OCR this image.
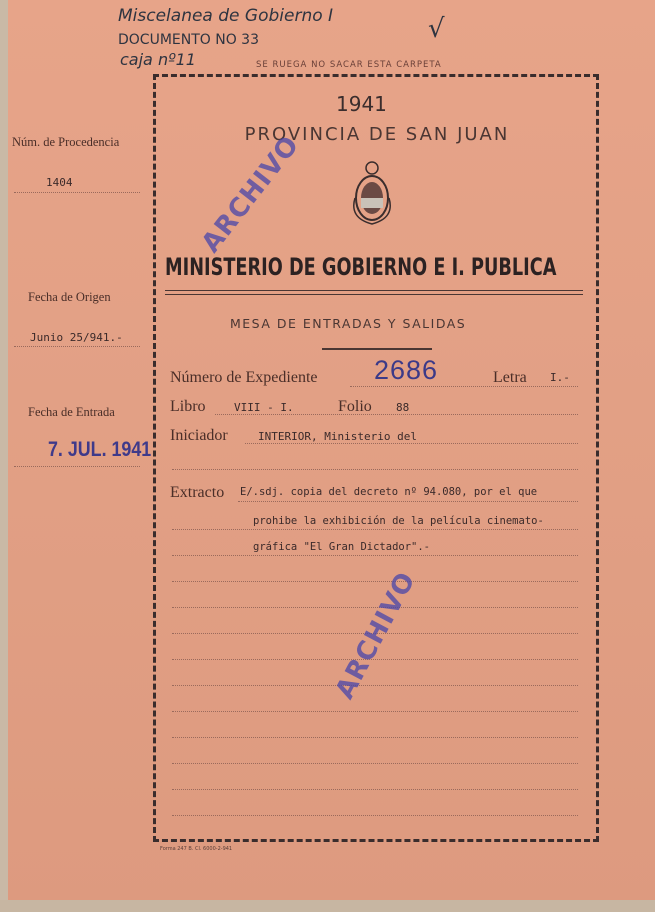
Miscelanea de Gobierno I
DOCUMENTO NO 33
caja nº11
√
SE RUEGA NO SACAR ESTA CARPETA
Núm. de Procedencia
1404
Fecha de Origen
Junio 25/941.-
Fecha de Entrada
7. JUL. 1941
1941
PROVINCIA DE SAN JUAN
MINISTERIO DE GOBIERNO E I. PUBLICA
MESA DE ENTRADAS Y SALIDAS
Número de Expediente 2686	Letra I.-
Libro	VIII - I.	Folio 88
Iniciador	INTERIOR, Ministerio del
Extracto E/.sdj. copia del decreto nº 94.080, por el que
prohibe la exhibición de la película cinemato-
gráfica "El Gran Dictador".-
ARCHIVO
ARCHIVO
Forma 247 B. Cl. 6000-2-941
